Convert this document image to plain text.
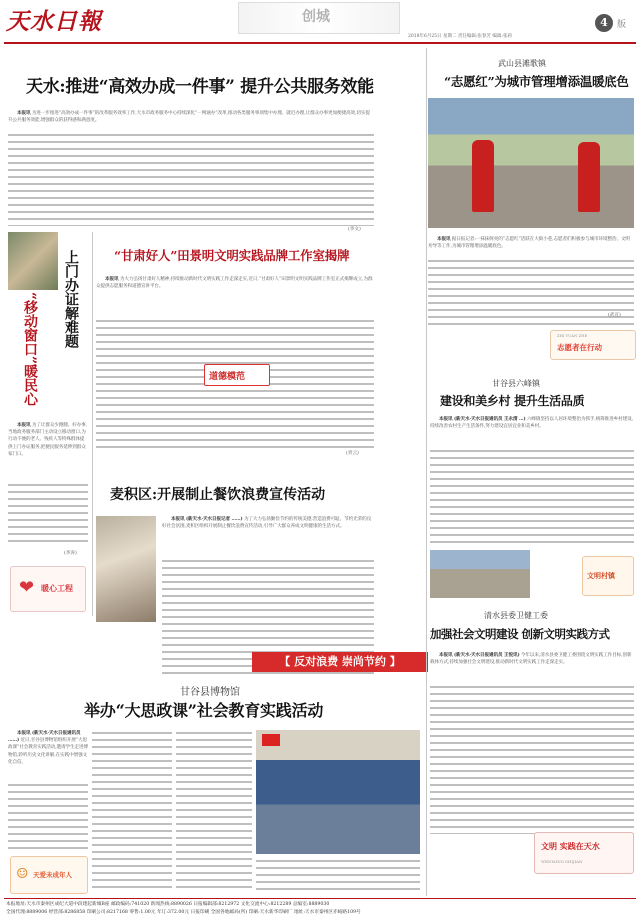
天水日報	创城
2018年6月25日 星期二 责任编辑:张春芳 编辑:张莉
4	版
天水:推进“高效办成一件事” 提升公共服务效能

本报讯 为进一步推进“高效办成一件事”的改革服务效率工作,天水市政务服务中心持续深化“一网通办”改革,推动各类服务事项集中办理、就近办理,让群众办事更加便捷高效,切实提升公共服务效能,增强群众的获得感和满意度。

(李文)
“移动窗口”暖民心 上门办证解难题

本报讯 为了让群众少跑腿、好办事,当地政务服务部门主动设立移动窗口,为行动不便的老人、残疾人等特殊群体提供上门办证服务,把便民服务延伸到群众家门口。

(李涛)
❤ 暖心工程
“甘肃好人”田景明文明实践品牌工作室揭牌

本报讯 为大力弘扬甘肃好人精神,持续推动新时代文明实践工作走深走实,近日,“甘肃好人”田景明文明实践品牌工作室正式揭牌成立,为群众提供志愿服务和道德宣讲平台。

道德模范
(青云)
麦积区:开展制止餐饮浪费宣传活动

本报讯 (新天水·天水日报记者 ……) 为了大力弘扬勤俭节约的传统美德,营造浪费可耻、节约光荣的良好社会氛围,麦积区组织开展制止餐饮浪费宣传活动,引导广大群众养成文明健康的生活方式。

【 反对浪费 崇尚节约 】
甘谷县博物馆
举办“大思政课”社会教育实践活动

本报讯 (新天水·天水日报通讯员 ……) 近日,甘谷县博物馆组织开展“大思政课”社会教育实践活动,邀请学生走进博物馆,聆听历史文化讲解,在实践中增强文化自信。

☺ 天爱未成年人
武山县滩歌镇
“志愿红”为城市管理增添温暖底色

本报讯 据日报记者:一抹抹鲜亮的“志愿红”活跃在大街小巷,志愿者们积极参与城市环境整治、文明劝导等工作,为城市管理增添温暖底色。

(武宣)
ZHI YUAN ZHE
志愿者在行动
甘谷县六峰镇
建设和美乡村 提升生活品质

本报讯 (新天水·天水日报通讯员 王永清 …) 六峰镇坚持以人居环境整治为抓手,统筹推进乡村建设,持续改善农村生产生活条件,努力建设宜居宜业和美乡村。

文明村镇
清水县委卫健工委
加强社会文明建设 创新文明实践方式

本报讯 (新天水·天水日报通讯员 王悦讯) 今年以来,清水县委卫健工委围绕文明实践工作目标,创新载体方式,持续加强社会文明建设,推动新时代文明实践工作走深走实。

文明 实践在天水
WENMING SHIJIAN
本报地址:天水市秦州区成纪大道中段建起新城B座 邮政编码:741020 新闻热线:8890026 日报编辑部:8212972 文化交流中心:8212289 总编室:8889030
全国代理:8889006 经营部:8286858 印刷公司:8217168 零售:1.00元 年订:372.00元 日报印刷 全国各地邮局(所) 印刷:天水新华印刷厂 地址:天水市秦州区赤峪路109号
